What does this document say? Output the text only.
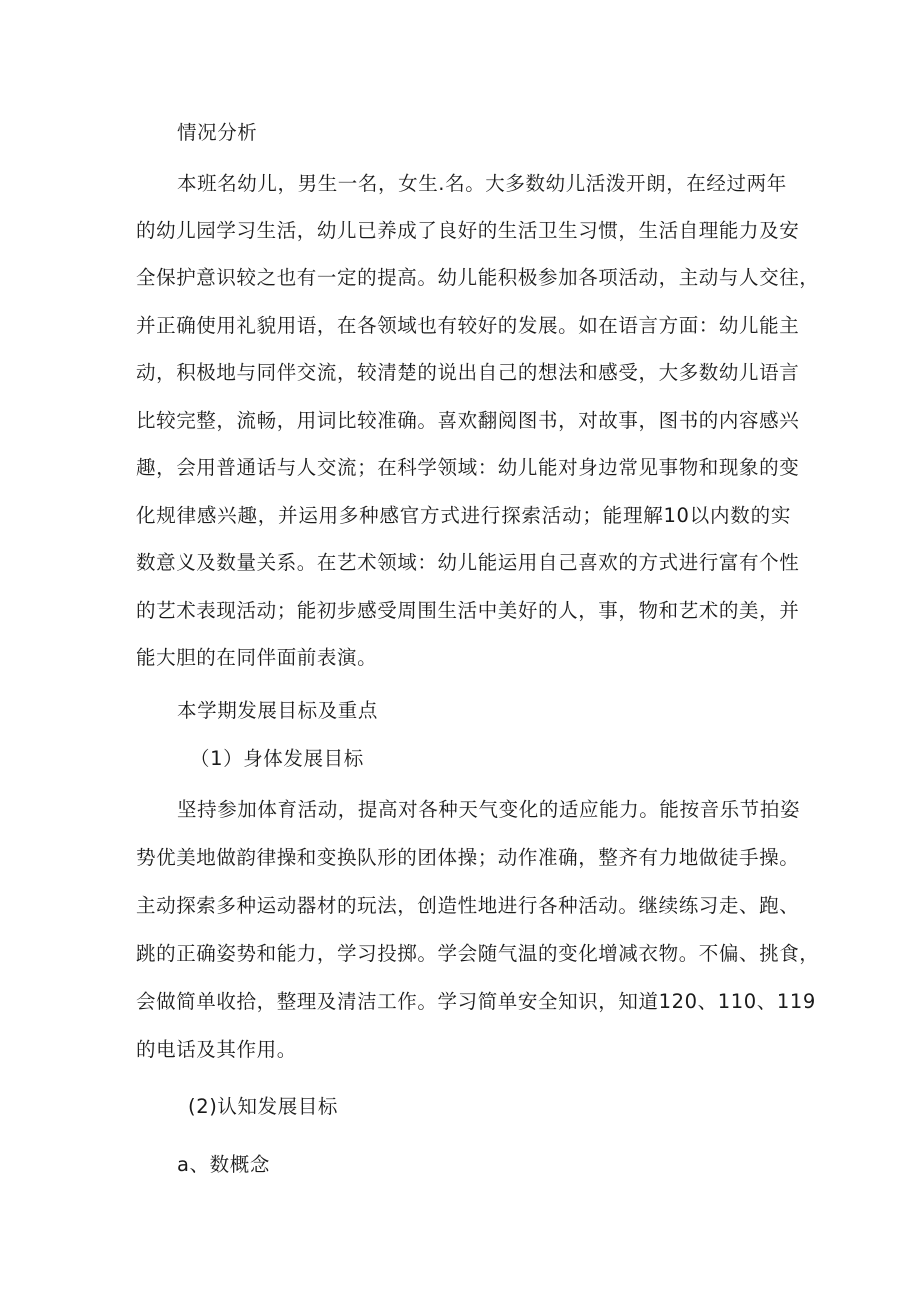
情况分析
本班名幼儿，男生一名，女生.名。大多数幼儿活泼开朗，在经过两年
的幼儿园学习生活，幼儿已养成了良好的生活卫生习惯，生活自理能力及安
全保护意识较之也有一定的提高。幼儿能积极参加各项活动，主动与人交往，
并正确使用礼貌用语，在各领域也有较好的发展。如在语言方面：幼儿能主
动，积极地与同伴交流，较清楚的说出自己的想法和感受，大多数幼儿语言
比较完整，流畅，用词比较准确。喜欢翻阅图书，对故事，图书的内容感兴
趣，会用普通话与人交流；在科学领域：幼儿能对身边常见事物和现象的变
化规律感兴趣，并运用多种感官方式进行探索活动；能理解10以内数的实
数意义及数量关系。在艺术领域：幼儿能运用自己喜欢的方式进行富有个性
的艺术表现活动；能初步感受周围生活中美好的人，事，物和艺术的美，并
能大胆的在同伴面前表演。
本学期发展目标及重点
（1）身体发展目标
坚持参加体育活动，提高对各种天气变化的适应能力。能按音乐节拍姿
势优美地做韵律操和变换队形的团体操；动作准确，整齐有力地做徒手操。
主动探索多种运动器材的玩法，创造性地进行各种活动。继续练习走、跑、
跳的正确姿势和能力，学习投掷。学会随气温的变化增减衣物。不偏、挑食，
会做简单收拾，整理及清洁工作。学习简单安全知识，知道120、110、119
的电话及其作用。
(2)认知发展目标
a、数概念
